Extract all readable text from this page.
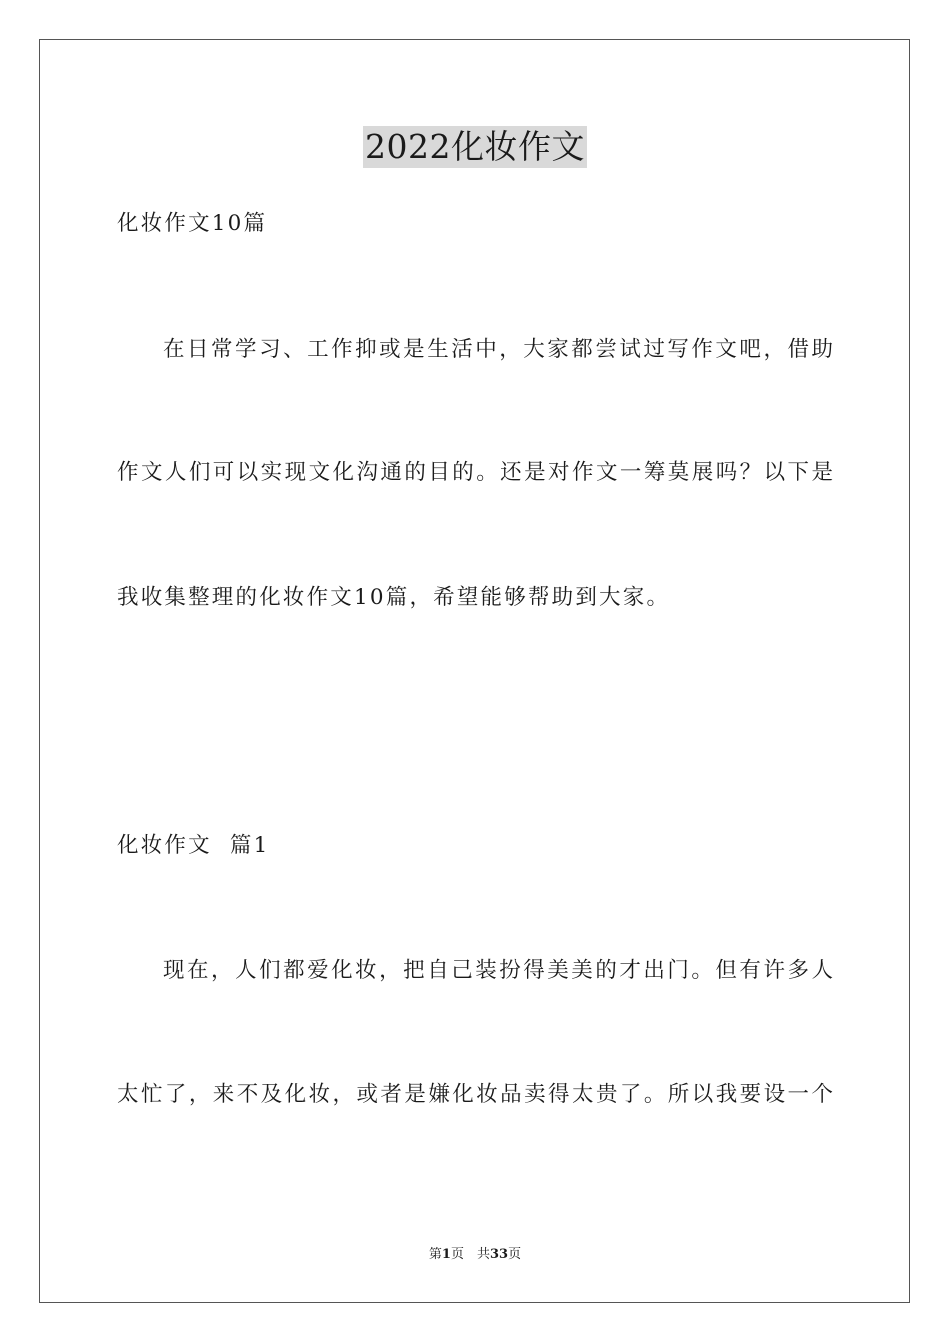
2022化妆作文
化妆作文10篇
在日常学习、工作抑或是生活中，大家都尝试过写作文吧，借助
作文人们可以实现文化沟通的目的。还是对作文一筹莫展吗？以下是
我收集整理的化妆作文10篇，希望能够帮助到大家。
化妆作文  篇1
现在，人们都爱化妆，把自己装扮得美美的才出门。但有许多人
太忙了，来不及化妆，或者是嫌化妆品卖得太贵了。所以我要设一个
第1页　共33页
